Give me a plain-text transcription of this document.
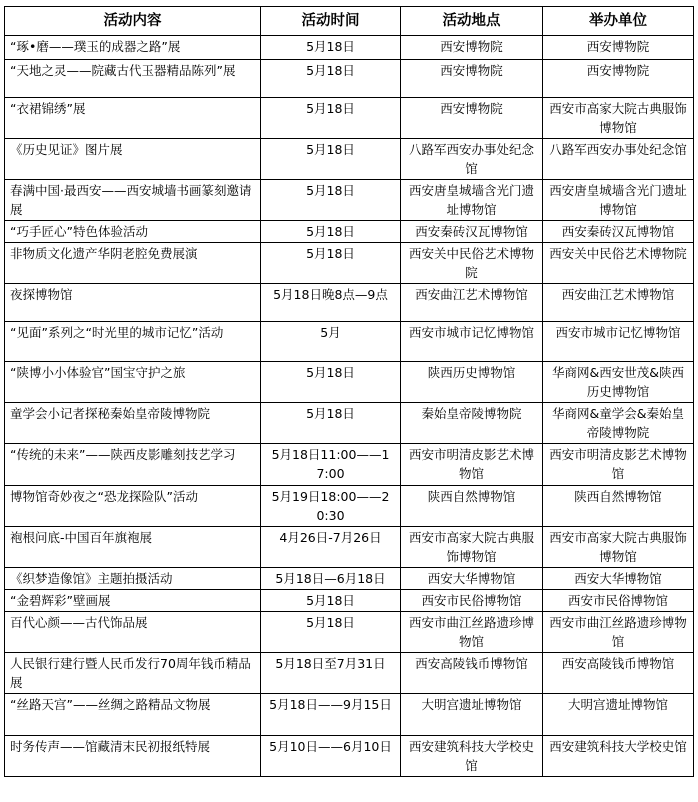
活动内容	活动时间	活动地点	举办单位
“琢•磨——璞玉的成器之路”展	5月18日	西安博物院	西安博物院
“天地之灵——院藏古代玉器精品陈列”展	5月18日	西安博物院	西安博物院
“衣裙锦绣”展	5月18日	西安博物院	西安市高家大院古典服饰博物馆
《历史见证》图片展	5月18日	八路军西安办事处纪念馆	八路军西安办事处纪念馆
春满中国·最西安——西安城墙书画篆刻邀请展	5月18日	西安唐皇城墙含光门遗址博物馆	西安唐皇城墙含光门遗址博物馆
“巧手匠心”特色体验活动	5月18日	西安秦砖汉瓦博物馆	西安秦砖汉瓦博物馆
非物质文化遗产华阴老腔免费展演	5月18日	西安关中民俗艺术博物院	西安关中民俗艺术博物院
夜探博物馆	5月18日晚8点—9点	西安曲江艺术博物馆	西安曲江艺术博物馆
“见面”系列之“时光里的城市记忆”活动	5月	西安市城市记忆博物馆	西安市城市记忆博物馆
“陕博小小体验官”国宝守护之旅	5月18日	陕西历史博物馆	华商网&西安世茂&陕西历史博物馆
童学会小记者探秘秦始皇帝陵博物院	5月18日	秦始皇帝陵博物院	华商网&童学会&秦始皇帝陵博物院
“传统的未来”——陕西皮影雕刻技艺学习	5月18日11:00——17:00	西安市明清皮影艺术博物馆	西安市明清皮影艺术博物馆
博物馆奇妙夜之“恐龙探险队”活动	5月19日18:00——20:30	陕西自然博物馆	陕西自然博物馆
袍根问底-中国百年旗袍展	4月26日-7月26日	西安市高家大院古典服饰博物馆	西安市高家大院古典服饰博物馆
《织梦造像馆》主题拍摄活动	5月18日—6月18日	西安大华博物馆	西安大华博物馆
“金碧辉彩”壁画展	5月18日	西安市民俗博物馆	西安市民俗博物馆
百代心颜——古代饰品展	5月18日	西安市曲江丝路遗珍博物馆	西安市曲江丝路遗珍博物馆
人民银行建行暨人民币发行70周年钱币精品展	5月18日至7月31日	西安高陵钱币博物馆	西安高陵钱币博物馆
“丝路天宫”——丝绸之路精品文物展	5月18日——9月15日	大明宫遗址博物馆	大明宫遗址博物馆
时务传声——馆藏清末民初报纸特展	5月10日——6月10日	西安建筑科技大学校史馆	西安建筑科技大学校史馆
